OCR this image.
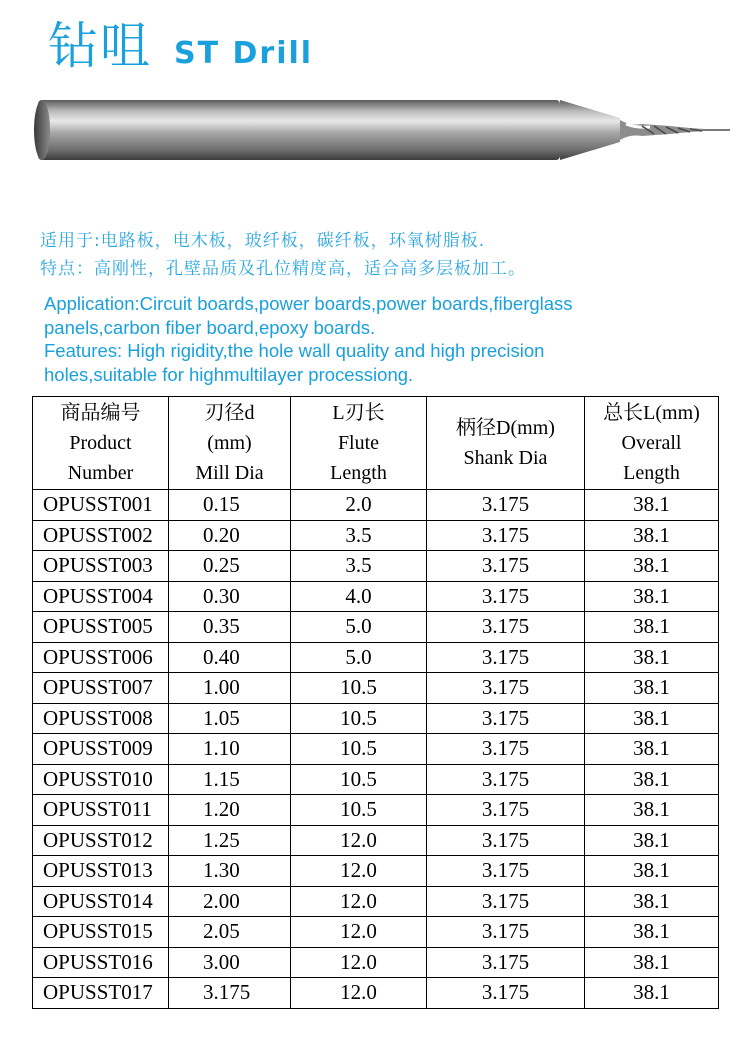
钻咀 ST Drill
适用于:电路板，电木板，玻纤板，碳纤板，环氧树脂板.
特点：高刚性，孔壁品质及孔位精度高，适合高多层板加工。
Application:Circuit boards,power boards,power boards,fiberglass
panels,carbon fiber board,epoxy boards.
Features: High rigidity,the hole wall quality and high precision
holes,suitable for highmultilayer processiong.
商品编号
Product
Number	刃径d
(mm)
Mill Dia	L刃长
Flute
Length	柄径D(mm)
Shank Dia	总长L(mm)
Overall
Length

OPUSST001	0.15	2.0	3.175	38.1
OPUSST002	0.20	3.5	3.175	38.1
OPUSST003	0.25	3.5	3.175	38.1
OPUSST004	0.30	4.0	3.175	38.1
OPUSST005	0.35	5.0	3.175	38.1
OPUSST006	0.40	5.0	3.175	38.1
OPUSST007	1.00	10.5	3.175	38.1
OPUSST008	1.05	10.5	3.175	38.1
OPUSST009	1.10	10.5	3.175	38.1
OPUSST010	1.15	10.5	3.175	38.1
OPUSST011	1.20	10.5	3.175	38.1
OPUSST012	1.25	12.0	3.175	38.1
OPUSST013	1.30	12.0	3.175	38.1
OPUSST014	2.00	12.0	3.175	38.1
OPUSST015	2.05	12.0	3.175	38.1
OPUSST016	3.00	12.0	3.175	38.1
OPUSST017	3.175	12.0	3.175	38.1
